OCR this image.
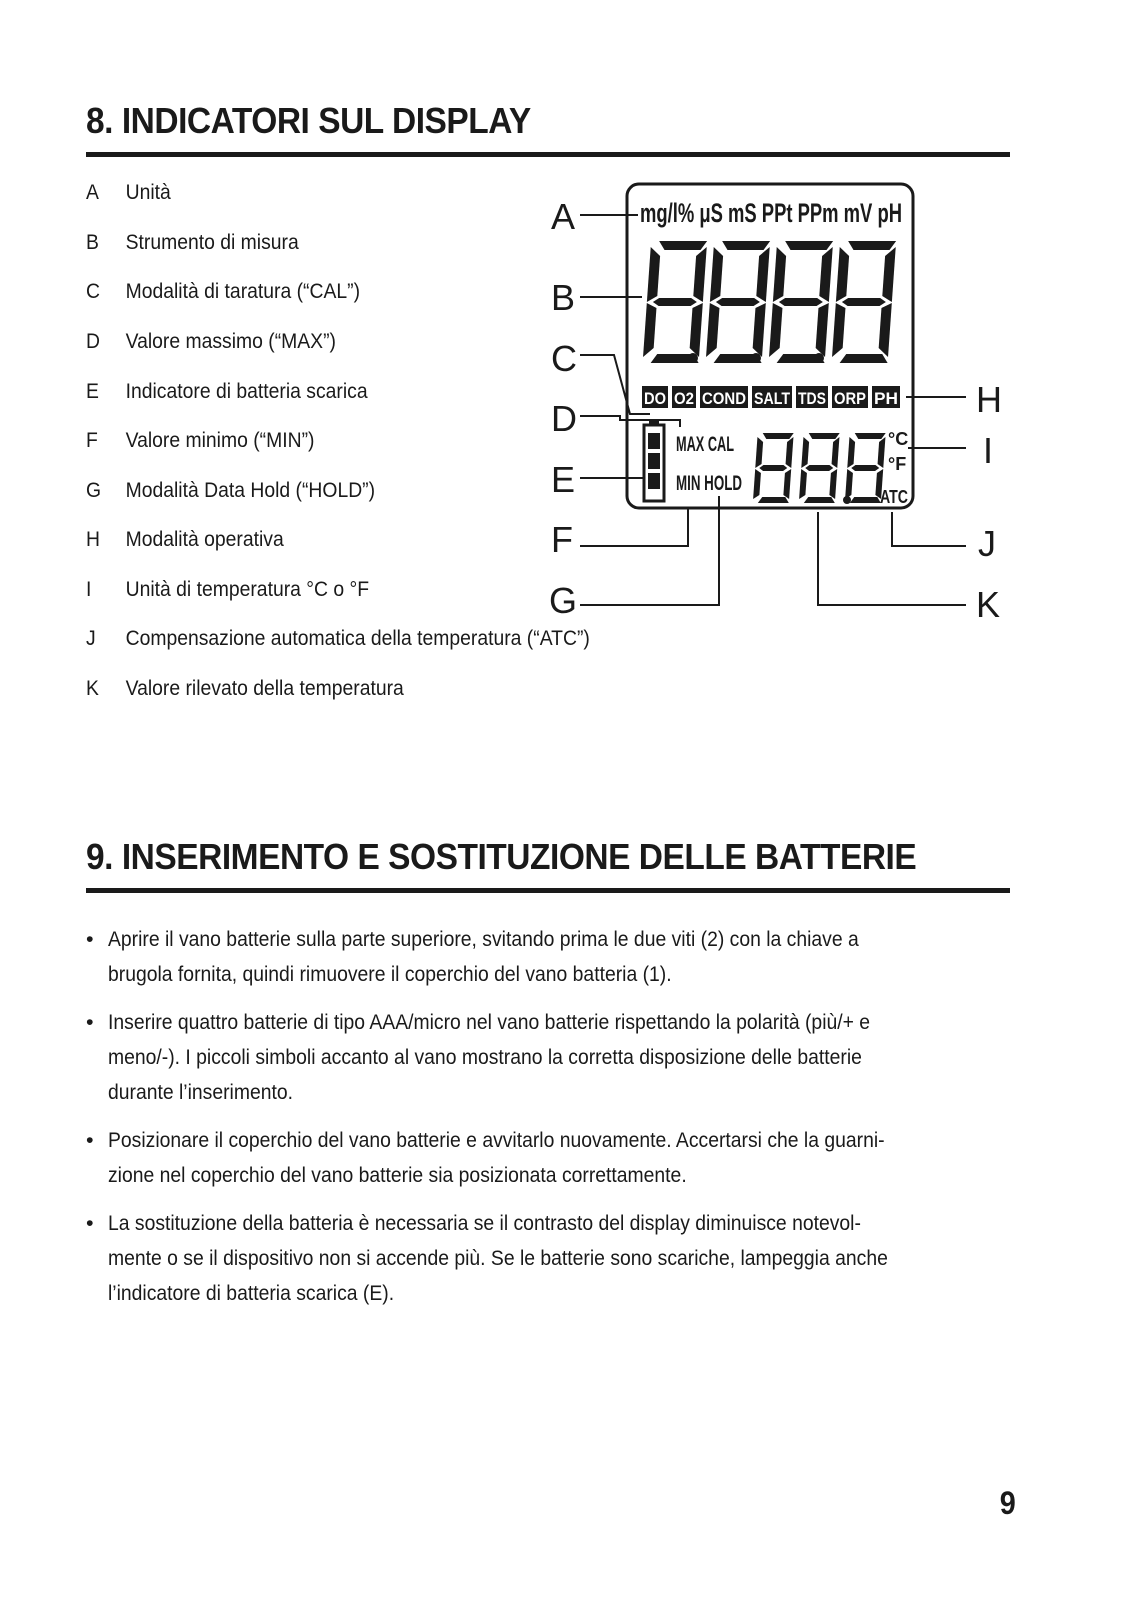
8. INDICATORI SUL DISPLAY
A Unità
B Strumento di misura
C Modalità di taratura (“CAL”)
D Valore massimo (“MAX”)
E Indicatore di batteria scarica
F Valore minimo (“MIN”)
G Modalità Data Hold (“HOLD”)
H Modalità operativa
I Unità di temperatura °C o °F
J Compensazione automatica della temperatura (“ATC”)
K Valore rilevato della temperatura
mg/l% μS mS PPt PPm mV pH
DO O2 COND SALT TDS ORP PH
MAX CAL
MIN HOLD
°C
°F
ATC
A
B
C
D
E
F
G
H
I
J
K
9. INSERIMENTO E SOSTITUZIONE DELLE BATTERIE
• Aprire il vano batterie sulla parte superiore, svitando prima le due viti (2) con la chiave a
brugola fornita, quindi rimuovere il coperchio del vano batteria (1).
• Inserire quattro batterie di tipo AAA/micro nel vano batterie rispettando la polarità (più/+ e
meno/-). I piccoli simboli accanto al vano mostrano la corretta disposizione delle batterie
durante l’inserimento.
• Posizionare il coperchio del vano batterie e avvitarlo nuovamente. Accertarsi che la guarni-
zione nel coperchio del vano batterie sia posizionata correttamente.
• La sostituzione della batteria è necessaria se il contrasto del display diminuisce notevol-
mente o se il dispositivo non si accende più. Se le batterie sono scariche, lampeggia anche
l’indicatore di batteria scarica (E).
9
